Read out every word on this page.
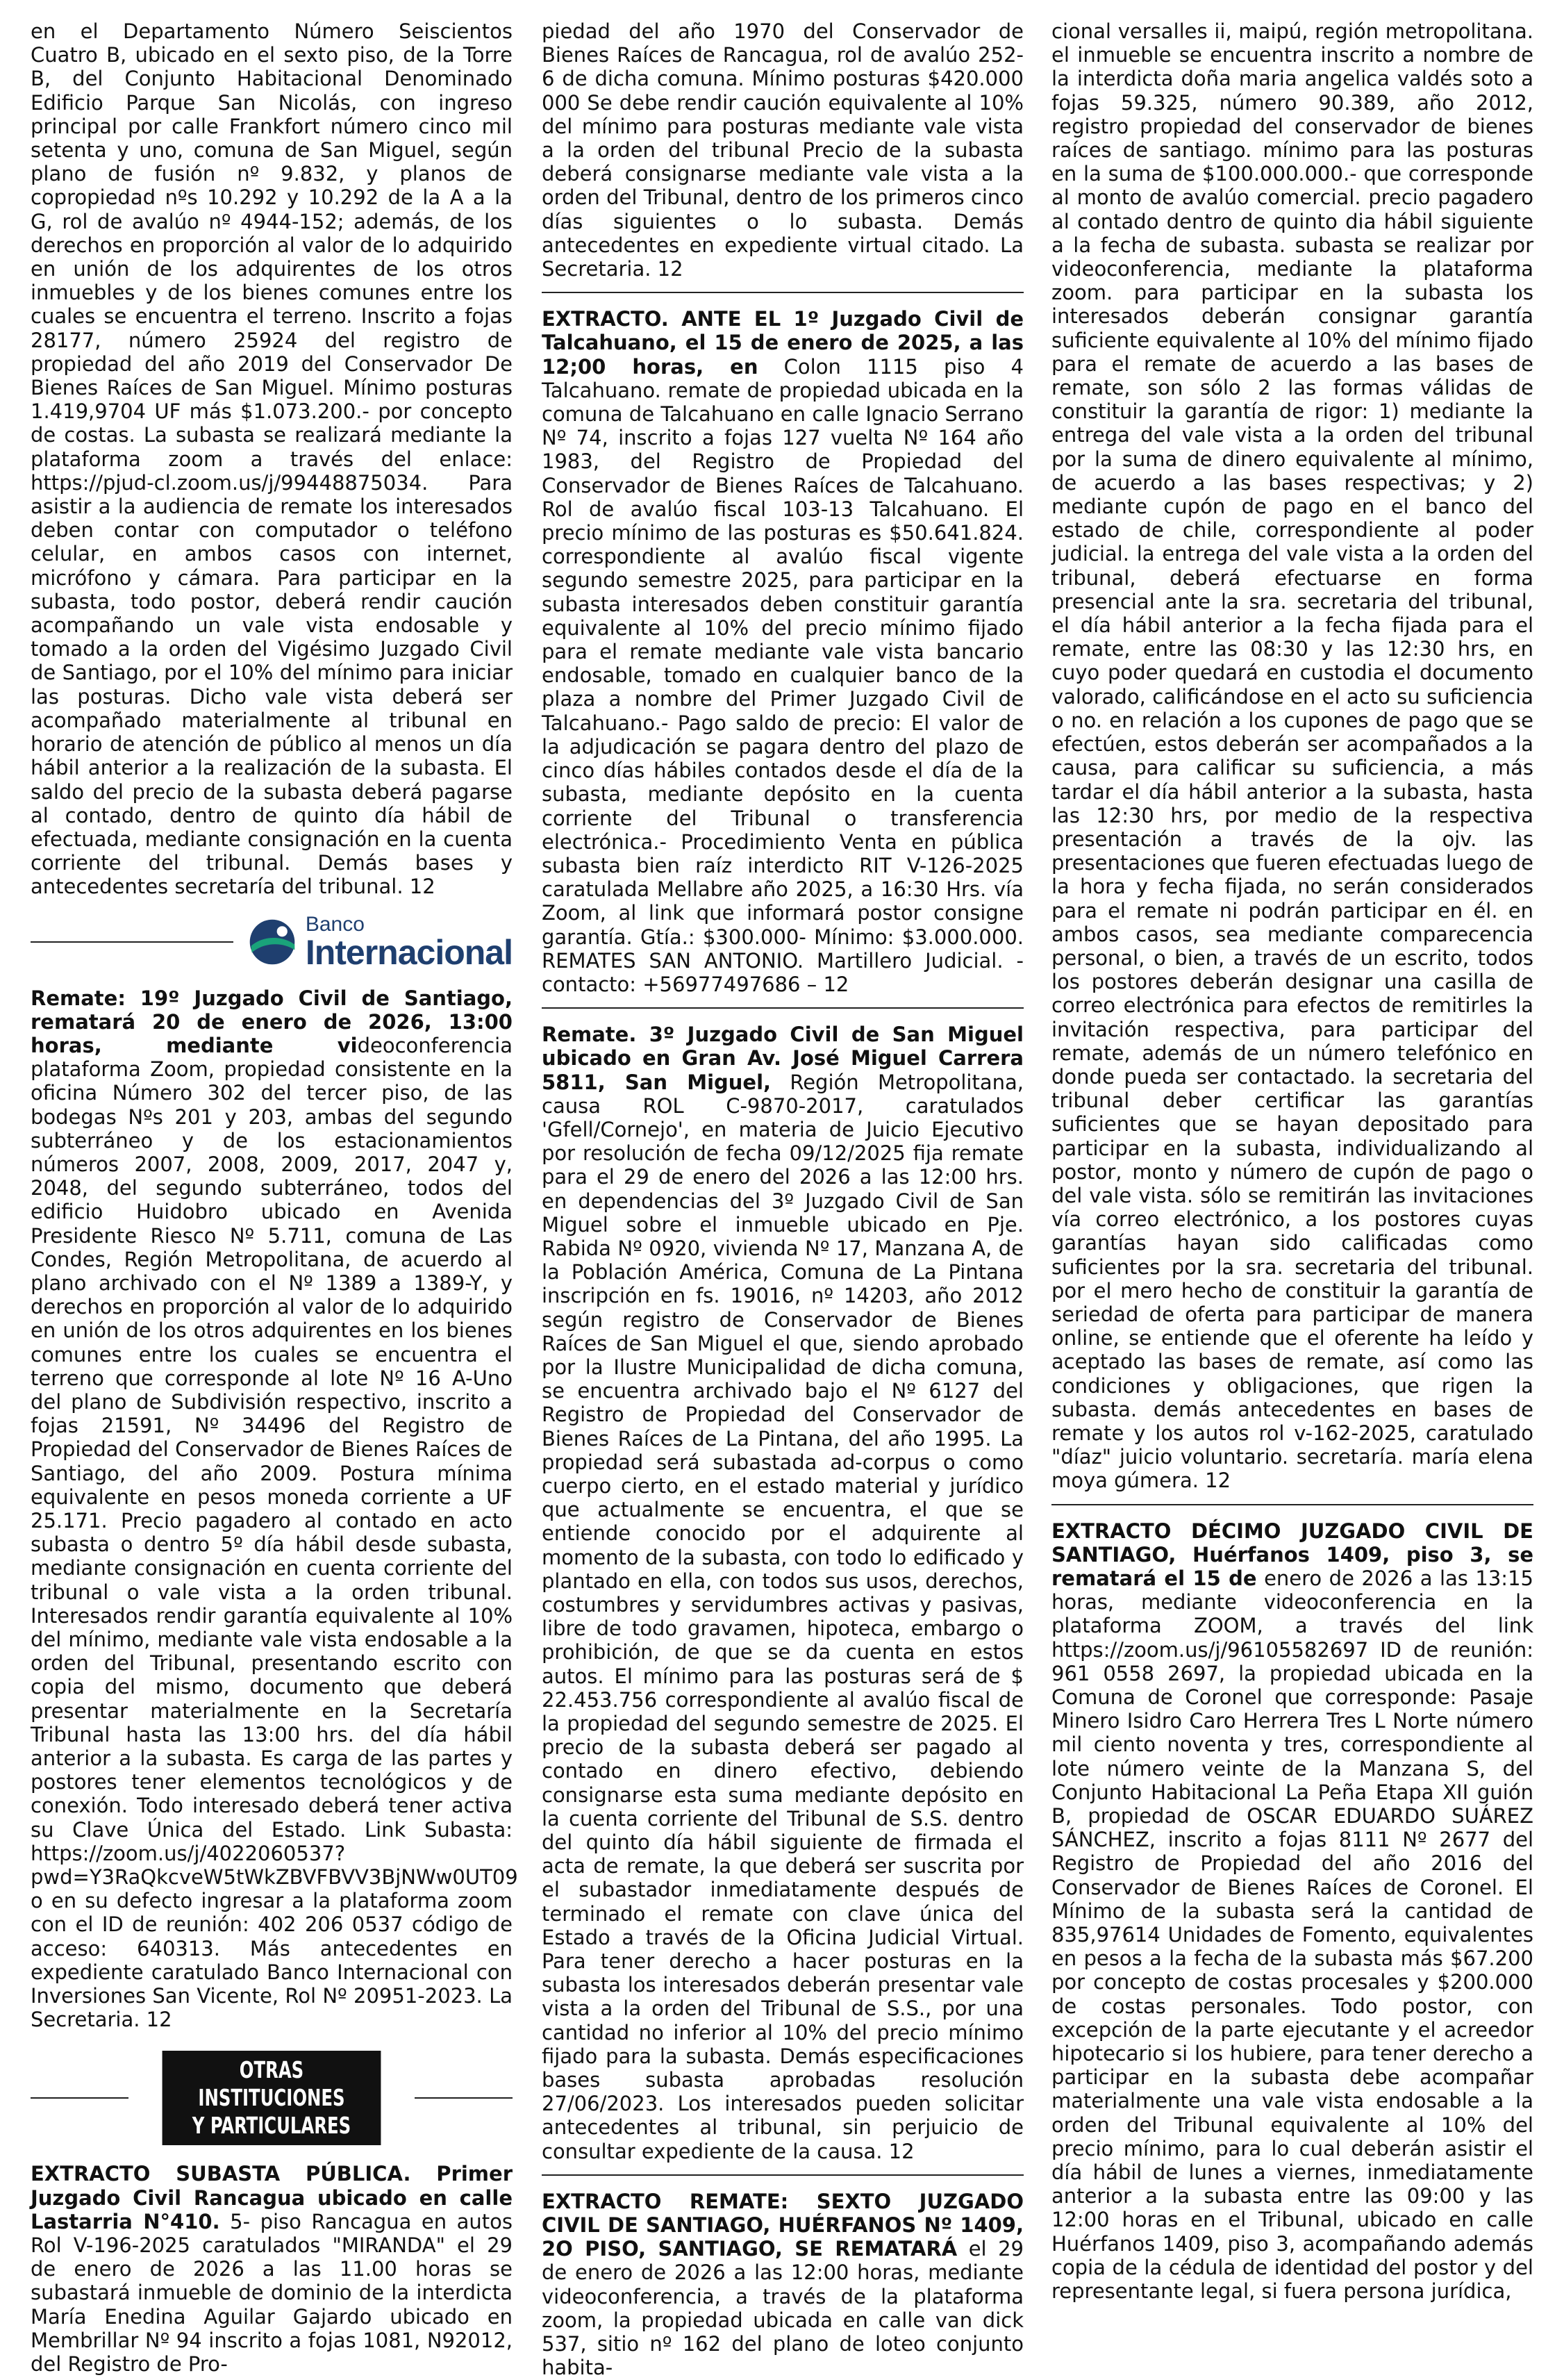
en el Departamento Número Seiscientos Cuatro B, ubicado en el sexto piso, de la Torre B, del Conjunto Habitacional Denominado Edificio Parque San Nicolás, con ingreso principal por calle Frankfort número cinco mil setenta y uno, comuna de San Miguel, según plano de fusión nº 9.832, y planos de copropiedad nºs 10.292 y 10.292 de la A a la G, rol de avalúo nº 4944-152; además, de los derechos en proporción al valor de lo adquirido en unión de los adquirentes de los otros inmuebles y de los bienes comunes entre los cuales se encuentra el terreno. Inscrito a fojas 28177, número 25924 del registro de propiedad del año 2019 del Conservador De Bienes Raíces de San Miguel. Mínimo posturas 1.419,9704 UF más $1.073.200.- por concepto de costas. La subasta se realizará mediante la plataforma zoom a través del enlace: https://pjud-cl.zoom.us/j/99448875034. Para asistir a la audiencia de remate los interesados deben contar con computador o teléfono celular, en ambos casos con internet, micrófono y cámara. Para participar en la subasta, todo postor, deberá rendir caución acompañando un vale vista endosable y tomado a la orden del Vigésimo Juzgado Civil de Santiago, por el 10% del mínimo para iniciar las posturas. Dicho vale vista deberá ser acompañado materialmente al tribunal en horario de atención de público al menos un día hábil anterior a la realización de la subasta. El saldo del precio de la subasta deberá pagarse al contado, dentro de quinto día hábil de efectuada, mediante consignación en la cuenta corriente del tribunal. Demás bases y antecedentes secretaría del tribunal. 12

Banco
Internacional

Remate: 19º Juzgado Civil de Santiago, rematará 20 de enero de 2026, 13:00 horas, mediante videoconferencia plataforma Zoom, propiedad consistente en la oficina Número 302 del tercer piso, de las bodegas Nºs 201 y 203, ambas del segundo subterráneo y de los estacionamientos números 2007, 2008, 2009, 2017, 2047 y, 2048, del segundo subterráneo, todos del edificio Huidobro ubicado en Avenida Presidente Riesco Nº 5.711, comuna de Las Condes, Región Metropolitana, de acuerdo al plano archivado con el Nº 1389 a 1389-Y, y derechos en proporción al valor de lo adquirido en unión de los otros adquirentes en los bienes comunes entre los cuales se encuentra el terreno que corresponde al lote Nº 16 A-Uno del plano de Subdivisión respectivo, inscrito a fojas 21591, Nº 34496 del Registro de Propiedad del Conservador de Bienes Raíces de Santiago, del año 2009. Postura mínima equivalente en pesos moneda corriente a UF 25.171. Precio pagadero al contado en acto subasta o dentro 5º día hábil desde subasta, mediante consignación en cuenta corriente del tribunal o vale vista a la orden tribunal. Interesados rendir garantía equivalente al 10% del mínimo, mediante vale vista endosable a la orden del Tribunal, presentando escrito con copia del mismo, documento que deberá presentar materialmente en la Secretaría Tribunal hasta las 13:00 hrs. del día hábil anterior a la subasta. Es carga de las partes y postores tener elementos tecnológicos y de conexión. Todo interesado deberá tener activa su Clave Única del Estado. Link Subasta: https://zoom.us/j/4022060537?pwd=Y3RaQkcveW5tWkZBVFBVV3BjNWw0UT09 o en su defecto ingresar a la plataforma zoom con el ID de reunión: 402 206 0537 código de acceso: 640313. Más antecedentes en expediente caratulado Banco Internacional con Inversiones San Vicente, Rol Nº 20951-2023. La Secretaria. 12

OTRAS INSTITUCIONES
Y PARTICULARES

EXTRACTO SUBASTA PÚBLICA. Primer Juzgado Civil Rancagua ubicado en calle Lastarria N°410. 5- piso Rancagua en autos Rol V-196-2025 caratulados "MIRANDA" el 29 de enero de 2026 a las 11.00 horas se subastará inmueble de dominio de la interdicta María Enedina Aguilar Gajardo ubicado en Membrillar Nº 94 inscrito a fojas 1081, N92012, del Registro de Pro-

piedad del año 1970 del Conservador de Bienes Raíces de Rancagua, rol de avalúo 252-6 de dicha comuna. Mínimo posturas $420.000 000 Se debe rendir caución equivalente al 10% del mínimo para posturas mediante vale vista a la orden del tribunal Precio de la subasta deberá consignarse mediante vale vista a la orden del Tribunal, dentro de los primeros cinco días siguientes o lo subasta. Demás antecedentes en expediente virtual citado. La Secretaria. 12

EXTRACTO. ANTE EL 1º Juzgado Civil de Talcahuano, el 15 de enero de 2025, a las 12;00 horas, en Colon 1115 piso 4 Talcahuano. remate de propiedad ubicada en la comuna de Talcahuano en calle Ignacio Serrano Nº 74, inscrito a fojas 127 vuelta Nº 164 año 1983, del Registro de Propiedad del Conservador de Bienes Raíces de Talcahuano. Rol de avalúo fiscal 103-13 Talcahuano. El precio mínimo de las posturas es $50.641.824. correspondiente al avalúo fiscal vigente segundo semestre 2025, para participar en la subasta interesados deben constituir garantía equivalente al 10% del precio mínimo fijado para el remate mediante vale vista bancario endosable, tomado en cualquier banco de la plaza a nombre del Primer Juzgado Civil de Talcahuano.- Pago saldo de precio: El valor de la adjudicación se pagara dentro del plazo de cinco días hábiles contados desde el día de la subasta, mediante depósito en la cuenta corriente del Tribunal o transferencia electrónica.- Procedimiento Venta en pública subasta bien raíz interdicto RIT V-126-2025 caratulada Mellabre año 2025, a 16:30 Hrs. vía Zoom, al link que informará postor consigne garantía. Gtía.: $300.000- Mínimo: $3.000.000. REMATES SAN ANTONIO. Martillero Judicial. - contacto: +56977497686 – 12

Remate. 3º Juzgado Civil de San Miguel ubicado en Gran Av. José Miguel Carrera 5811, San Miguel, Región Metropolitana, causa ROL C-9870-2017, caratulados 'Gfell/Cornejo', en materia de Juicio Ejecutivo por resolución de fecha 09/12/2025 fija remate para el 29 de enero del 2026 a las 12:00 hrs. en dependencias del 3º Juzgado Civil de San Miguel sobre el inmueble ubicado en Pje. Rabida Nº 0920, vivienda Nº 17, Manzana A, de la Población América, Comuna de La Pintana inscripción en fs. 19016, nº 14203, año 2012 según registro de Conservador de Bienes Raíces de San Miguel el que, siendo aprobado por la Ilustre Municipalidad de dicha comuna, se encuentra archivado bajo el Nº 6127 del Registro de Propiedad del Conservador de Bienes Raíces de La Pintana, del año 1995. La propiedad será subastada ad-corpus o como cuerpo cierto, en el estado material y jurídico que actualmente se encuentra, el que se entiende conocido por el adquirente al momento de la subasta, con todo lo edificado y plantado en ella, con todos sus usos, derechos, costumbres y servidumbres activas y pasivas, libre de todo gravamen, hipoteca, embargo o prohibición, de que se da cuenta en estos autos. El mínimo para las posturas será de $ 22.453.756 correspondiente al avalúo fiscal de la propiedad del segundo semestre de 2025. El precio de la subasta deberá ser pagado al contado en dinero efectivo, debiendo consignarse esta suma mediante depósito en la cuenta corriente del Tribunal de S.S. dentro del quinto día hábil siguiente de firmada el acta de remate, la que deberá ser suscrita por el subastador inmediatamente después de terminado el remate con clave única del Estado a través de la Oficina Judicial Virtual. Para tener derecho a hacer posturas en la subasta los interesados deberán presentar vale vista a la orden del Tribunal de S.S., por una cantidad no inferior al 10% del precio mínimo fijado para la subasta. Demás especificaciones bases subasta aprobadas resolución 27/06/2023. Los interesados pueden solicitar antecedentes al tribunal, sin perjuicio de consultar expediente de la causa. 12

EXTRACTO REMATE: SEXTO JUZGADO CIVIL DE SANTIAGO, HUÉRFANOS Nº 1409, 2O PISO, SANTIAGO, SE REMATARÁ el 29 de enero de 2026 a las 12:00 horas, mediante videoconferencia, a través de la plataforma zoom, la propiedad ubicada en calle van dick 537, sitio nº 162 del plano de loteo conjunto habita-

cional versalles ii, maipú, región metropolitana. el inmueble se encuentra inscrito a nombre de la interdicta doña maria angelica valdés soto a fojas 59.325, número 90.389, año 2012, registro propiedad del conservador de bienes raíces de santiago. mínimo para las posturas en la suma de $100.000.000.- que corresponde al monto de avalúo comercial. precio pagadero al contado dentro de quinto dia hábil siguiente a la fecha de subasta. subasta se realizar por videoconferencia, mediante la plataforma zoom. para participar en la subasta los interesados deberán consignar garantía suficiente equivalente al 10% del mínimo fijado para el remate de acuerdo a las bases de remate, son sólo 2 las formas válidas de constituir la garantía de rigor: 1) mediante la entrega del vale vista a la orden del tribunal por la suma de dinero equivalente al mínimo, de acuerdo a las bases respectivas; y 2) mediante cupón de pago en el banco del estado de chile, correspondiente al poder judicial. la entrega del vale vista a la orden del tribunal, deberá efectuarse en forma presencial ante la sra. secretaria del tribunal, el día hábil anterior a la fecha fijada para el remate, entre las 08:30 y las 12:30 hrs, en cuyo poder quedará en custodia el documento valorado, calificándose en el acto su suficiencia o no. en relación a los cupones de pago que se efectúen, estos deberán ser acompañados a la causa, para calificar su suficiencia, a más tardar el día hábil anterior a la subasta, hasta las 12:30 hrs, por medio de la respectiva presentación a través de la ojv. las presentaciones que fueren efectuadas luego de la hora y fecha fijada, no serán considerados para el remate ni podrán participar en él. en ambos casos, sea mediante comparecencia personal, o bien, a través de un escrito, todos los postores deberán designar una casilla de correo electrónica para efectos de remitirles la invitación respectiva, para participar del remate, además de un número telefónico en donde pueda ser contactado. la secretaria del tribunal deber certificar las garantías suficientes que se hayan depositado para participar en la subasta, individualizando al postor, monto y número de cupón de pago o del vale vista. sólo se remitirán las invitaciones vía correo electrónico, a los postores cuyas garantías hayan sido calificadas como suficientes por la sra. secretaria del tribunal. por el mero hecho de constituir la garantía de seriedad de oferta para participar de manera online, se entiende que el oferente ha leído y aceptado las bases de remate, así como las condiciones y obligaciones, que rigen la subasta. demás antecedentes en bases de remate y los autos rol v-162-2025, caratulado "díaz" juicio voluntario. secretaría. maría elena moya gúmera. 12

EXTRACTO DÉCIMO JUZGADO CIVIL DE SANTIAGO, Huérfanos 1409, piso 3, se rematará el 15 de enero de 2026 a las 13:15 horas, mediante videoconferencia en la plataforma ZOOM, a través del link https://zoom.us/j/96105582697 ID de reunión: 961 0558 2697, la propiedad ubicada en la Comuna de Coronel que corresponde: Pasaje Minero Isidro Caro Herrera Tres L Norte número mil ciento noventa y tres, correspondiente al lote número veinte de la Manzana S, del Conjunto Habitacional La Peña Etapa XII guión B, propiedad de OSCAR EDUARDO SUÁREZ SÁNCHEZ, inscrito a fojas 8111 Nº 2677 del Registro de Propiedad del año 2016 del Conservador de Bienes Raíces de Coronel. El Mínimo de la subasta será la cantidad de 835,97614 Unidades de Fomento, equivalentes en pesos a la fecha de la subasta más $67.200 por concepto de costas procesales y $200.000 de costas personales. Todo postor, con excepción de la parte ejecutante y el acreedor hipotecario si los hubiere, para tener derecho a participar en la subasta debe acompañar materialmente una vale vista endosable a la orden del Tribunal equivalente al 10% del precio mínimo, para lo cual deberán asistir el día hábil de lunes a viernes, inmediatamente anterior a la subasta entre las 09:00 y las 12:00 horas en el Tribunal, ubicado en calle Huérfanos 1409, piso 3, acompañando además copia de la cédula de identidad del postor y del representante legal, si fuera persona jurídica,
